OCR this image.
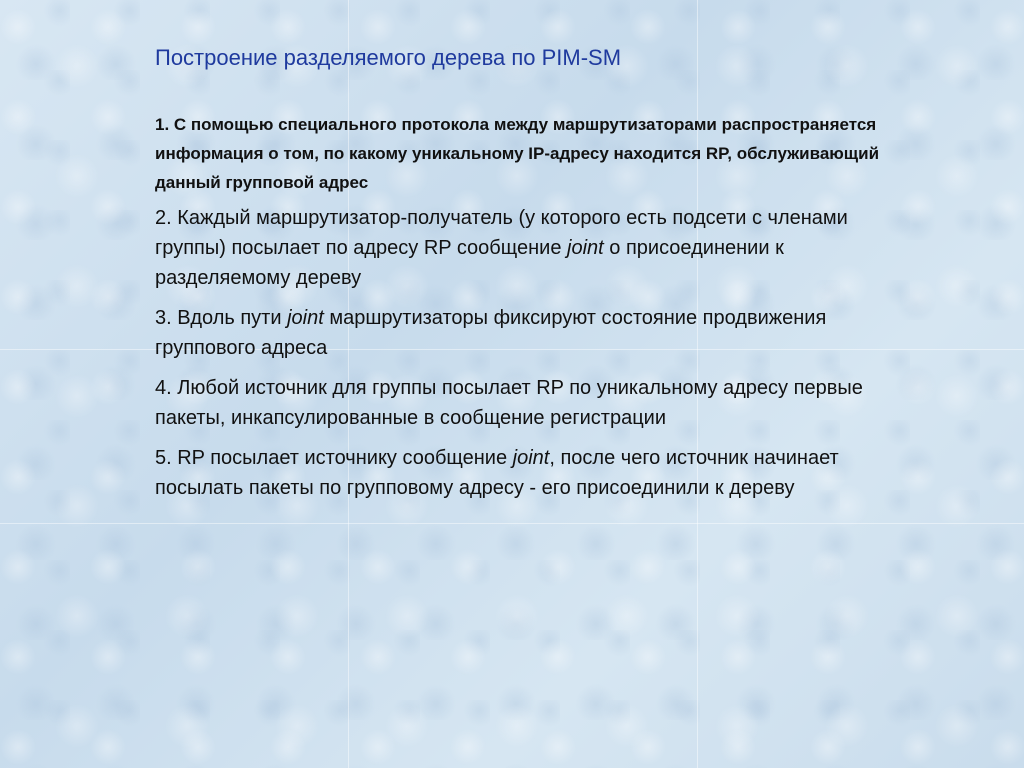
Построение разделяемого дерева по PIM-SM

1. С помощью специального протокола между маршрутизаторами распространяется информация о том, по какому уникальному IP-адресу находится RP, обслуживающий данный групповой адрес

2. Каждый маршрутизатор-получатель (у которого есть подсети с членами группы) посылает по адресу RP сообщение joint о присоединении к разделяемому дереву

3. Вдоль пути joint маршрутизаторы фиксируют состояние продвижения группового адреса

4. Любой источник для группы посылает RP по уникальному адресу первые пакеты, инкапсулированные в сообщение регистрации

5. RP посылает источнику сообщение joint, после чего источник начинает посылать пакеты по групповому адресу - его присоединили к дереву
